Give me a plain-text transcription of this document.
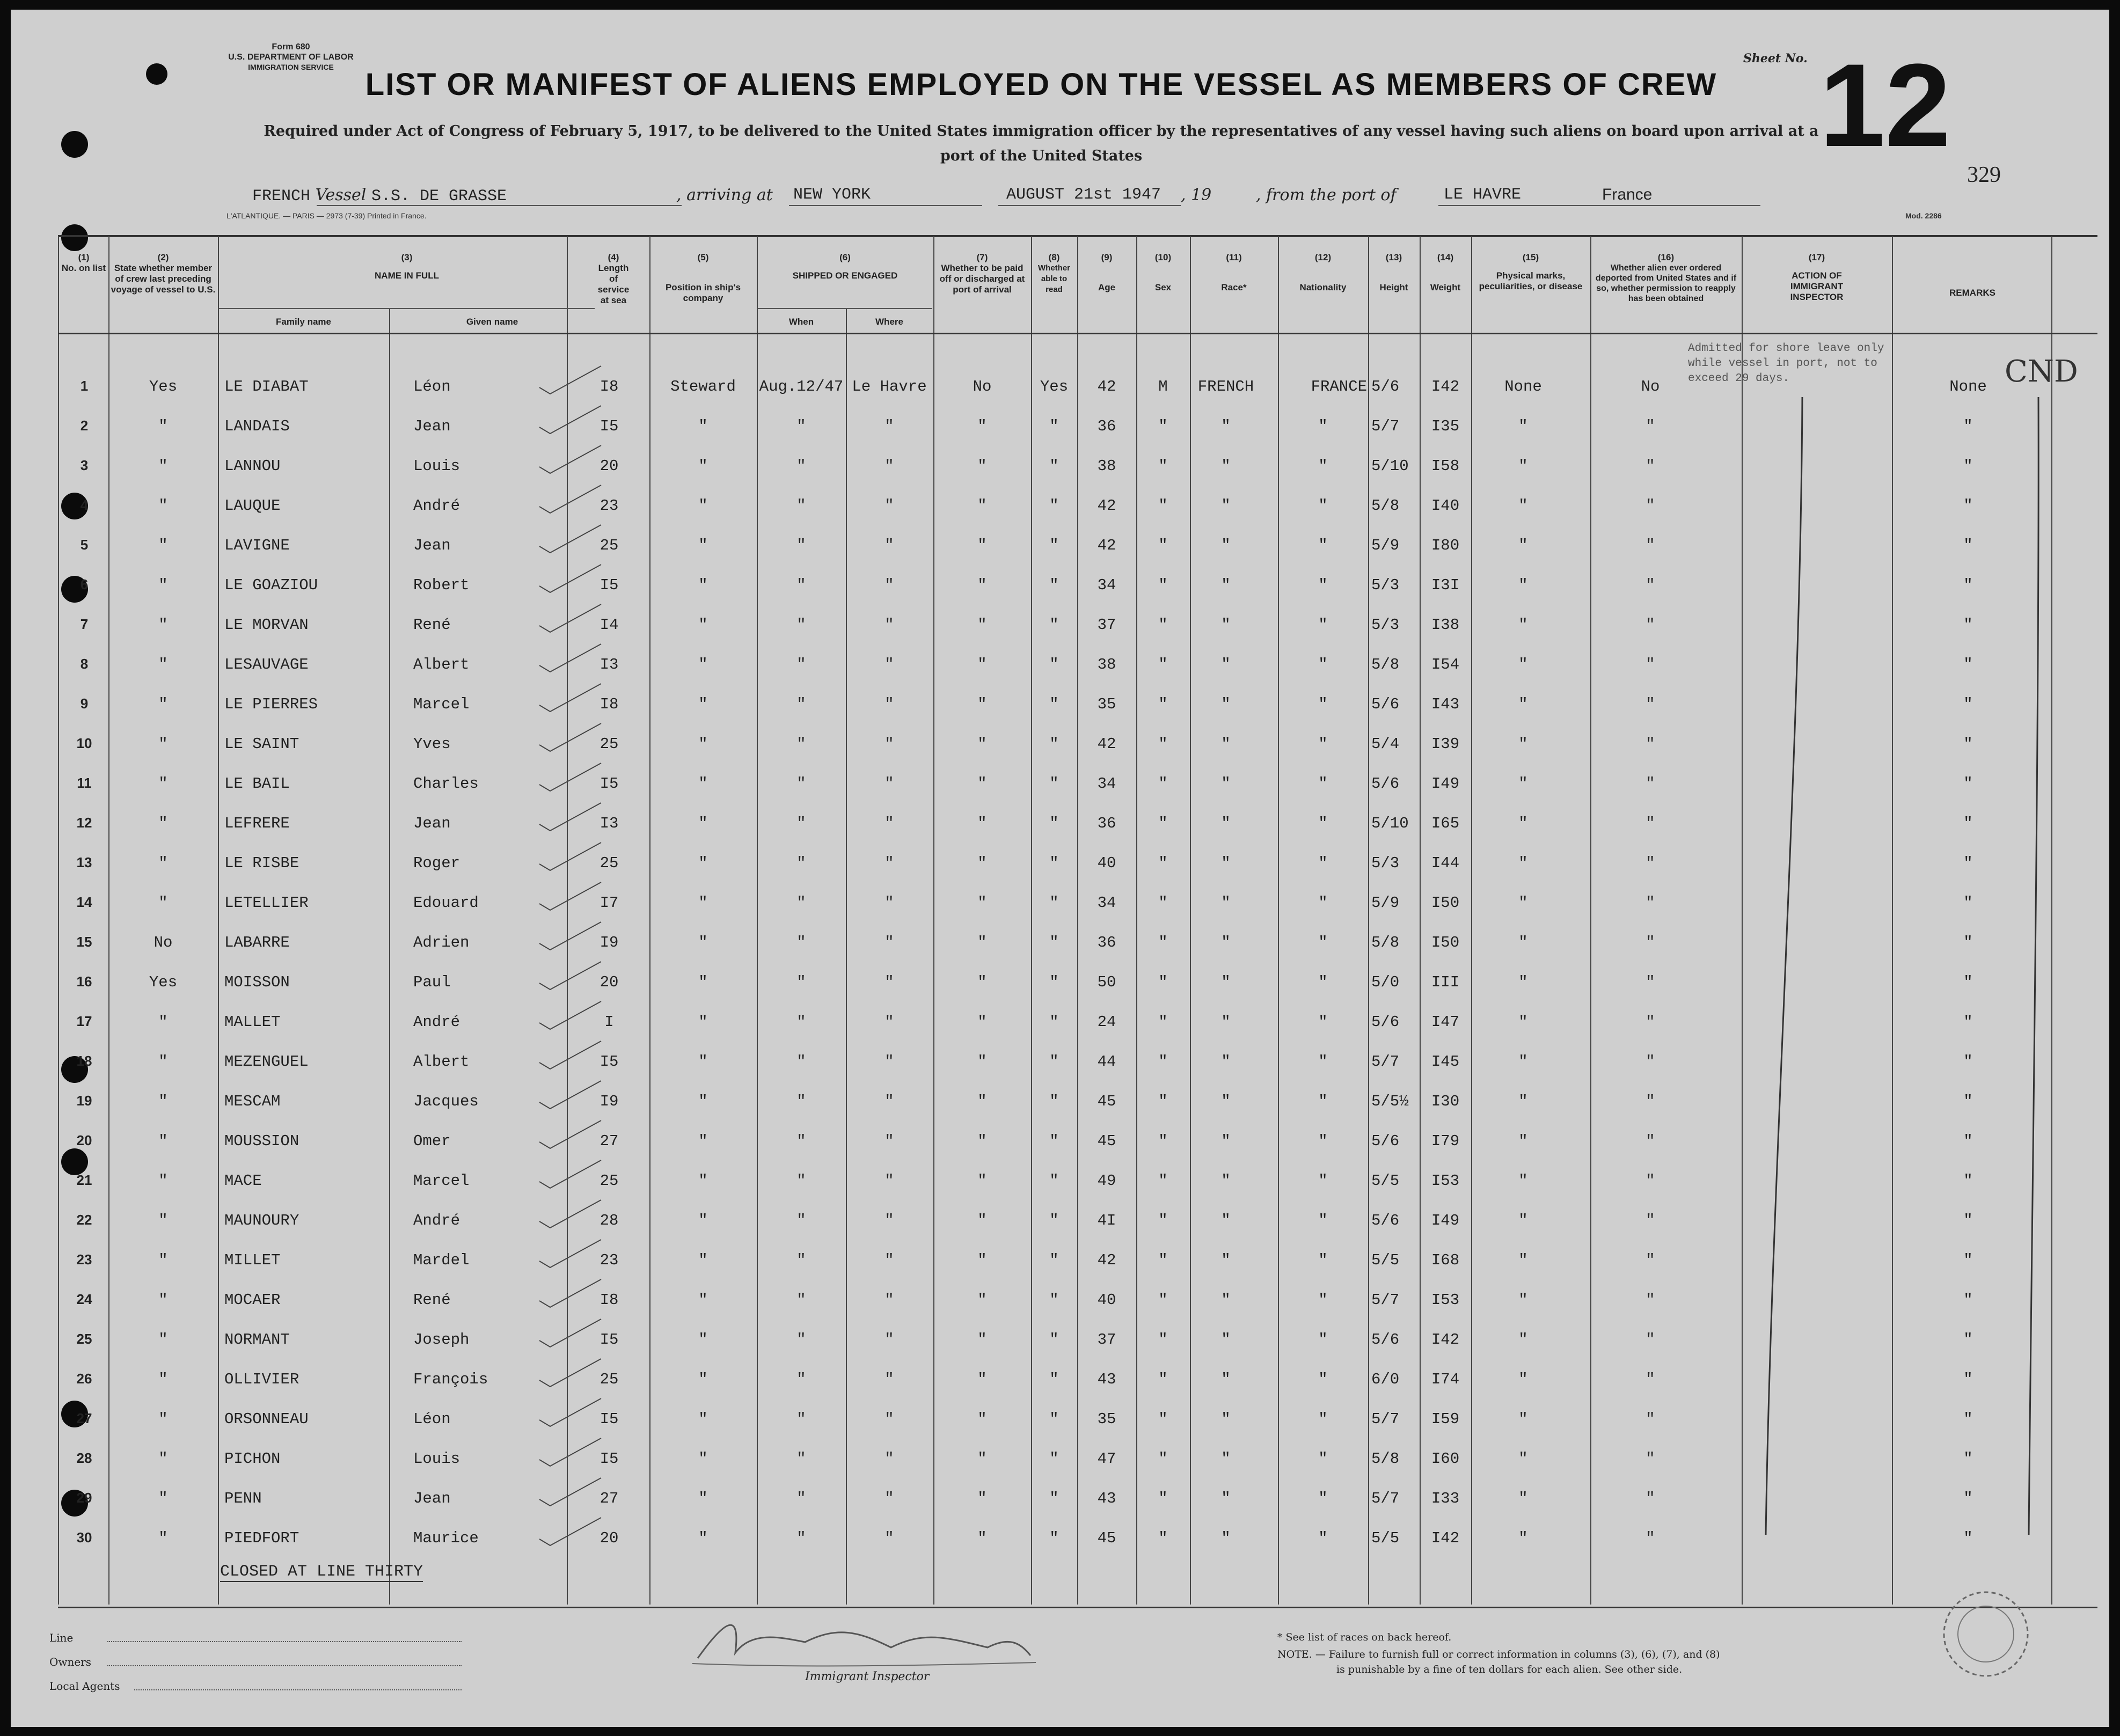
Form 680
U.S. DEPARTMENT OF LABOR
IMMIGRATION SERVICE	LIST OR MANIFEST OF ALIENS EMPLOYED ON THE VESSEL AS MEMBERS OF CREW
Sheet No. 12
Required under Act of Congress of February 5, 1917, to be delivered to the United States immigration officer by the representatives of any vessel having such aliens on board upon arrival at a
port of the United States
329
FRENCH Vessel S.S. DE GRASSE	, arriving at NEW YORK	AUGUST 21st 1947 , 19	, from the port of	LE HAVRE	France
L'ATLANTIQUE. — PARIS — 2973 (7-39) Printed in France.	Mod. 2286
(1)
No. on list
(2)
State whether member of crew last preceding voyage of vessel to U.S.
(3)
NAME IN FULL
Family name	Given name
(4)
Length of service at sea
(5)
Position in ship's company
(6)
SHIPPED OR ENGAGED
When	Where
(7)
Whether to be paid off or discharged at port of arrival
(8)
Whether able to read
(9)
Age
(10)
Sex
(11)
Race*
(12)
Nationality
(13)
Height
(14)
Weight
(15)
Physical marks, peculiarities, or disease
(16)
Whether alien ever ordered deported from United States and if so, whether permission to reapply has been obtained
(17)
ACTION OF IMMIGRANT INSPECTOR	REMARKS
1	Yes	LE DIABAT	Léon	I8	Steward	Aug.12/47 Le Havre	No	Yes	42	M	FRENCH	FRANCE 5/6	I42	None	No	None
2	"	LANDAIS	Jean	I5	"	"	"	"	"	36	"	"	"	5/7	I35	"	"	"
3	"	LANNOU	Louis	20	"	"	"	"	"	38	"	"	"	5/10	I58	"	"	"
4	"	LAUQUE	André	23	"	"	"	"	"	42	"	"	"	5/8	I40	"	"	"
5	"	LAVIGNE	Jean	25	"	"	"	"	"	42	"	"	"	5/9	I80	"	"	"
6	"	LE GOAZIOU	Robert	I5	"	"	"	"	"	34	"	"	"	5/3	I3I	"	"	"
7	"	LE MORVAN	René	I4	"	"	"	"	"	37	"	"	"	5/3	I38	"	"	"
8	"	LESAUVAGE	Albert	I3	"	"	"	"	"	38	"	"	"	5/8	I54	"	"	"
9	"	LE PIERRES	Marcel	I8	"	"	"	"	"	35	"	"	"	5/6	I43	"	"	"
10	"	LE SAINT	Yves	25	"	"	"	"	"	42	"	"	"	5/4	I39	"	"	"
11	"	LE BAIL	Charles	I5	"	"	"	"	"	34	"	"	"	5/6	I49	"	"	"
12	"	LEFRERE	Jean	I3	"	"	"	"	"	36	"	"	"	5/10	I65	"	"	"
13	"	LE RISBE	Roger	25	"	"	"	"	"	40	"	"	"	5/3	I44	"	"	"
14	"	LETELLIER	Edouard	I7	"	"	"	"	"	34	"	"	"	5/9	I50	"	"	"
15	No	LABARRE	Adrien	I9	"	"	"	"	"	36	"	"	"	5/8	I50	"	"	"
16	Yes	MOISSON	Paul	20	"	"	"	"	"	50	"	"	"	5/0	III	"	"	"
17	"	MALLET	André	I	"	"	"	"	"	24	"	"	"	5/6	I47	"	"	"
18	"	MEZENGUEL	Albert	I5	"	"	"	"	"	44	"	"	"	5/7	I45	"	"	"
19	"	MESCAM	Jacques	I9	"	"	"	"	"	45	"	"	"	5/5½	I30	"	"	"
20	"	MOUSSION	Omer	27	"	"	"	"	"	45	"	"	"	5/6	I79	"	"	"
21	"	MACE	Marcel	25	"	"	"	"	"	49	"	"	"	5/5	I53	"	"	"
22	"	MAUNOURY	André	28	"	"	"	"	"	4I	"	"	"	5/6	I49	"	"	"
23	"	MILLET	Mardel	23	"	"	"	"	"	42	"	"	"	5/5	I68	"	"	"
24	"	MOCAER	René	I8	"	"	"	"	"	40	"	"	"	5/7	I53	"	"	"
25	"	NORMANT	Joseph	I5	"	"	"	"	"	37	"	"	"	5/6	I42	"	"	"
26	"	OLLIVIER	François	25	"	"	"	"	"	43	"	"	"	6/0	I74	"	"	"
27	"	ORSONNEAU	Léon	I5	"	"	"	"	"	35	"	"	"	5/7	I59	"	"	"
28	"	PICHON	Louis	I5	"	"	"	"	"	47	"	"	"	5/8	I60	"	"	"
29	"	PENN	Jean	27	"	"	"	"	"	43	"	"	"	5/7	I33	"	"	"
30	"	PIEDFORT	Maurice	20	"	"	"	"	"	45	"	"	"	5/5	I42	"	"	"
Admitted for shore leave only
while vessel in port, not to
exceed 29 days.	CND
CLOSED AT LINE THIRTY
Line
Owners
Local Agents
Immigrant Inspector
* See list of races on back hereof.
NOTE. — Failure to furnish full or correct information in columns (3), (6), (7), and (8)
is punishable by a fine of ten dollars for each alien. See other side.
